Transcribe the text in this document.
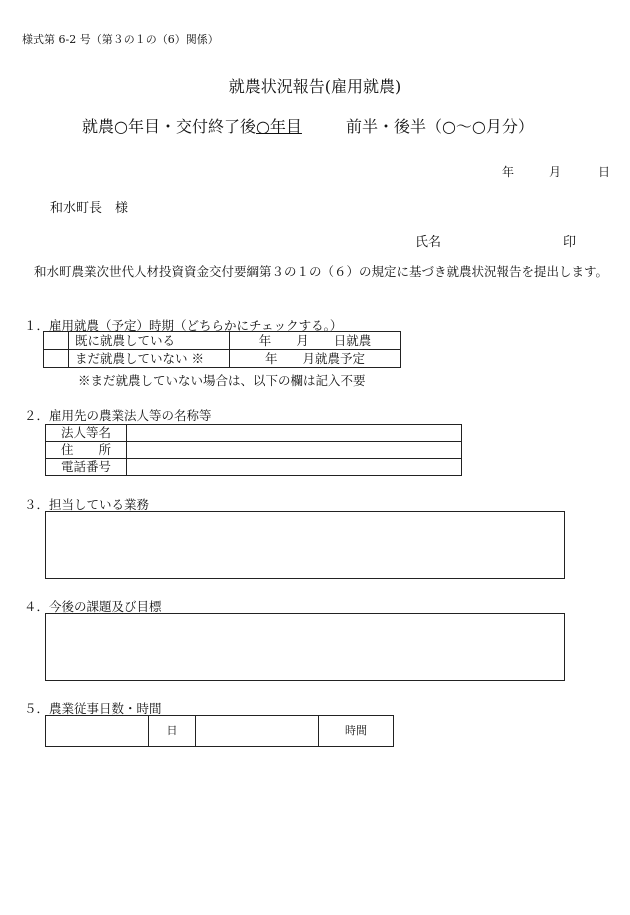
様式第 6-2 号（第３の１の（6）関係）
就農状況報告(雇用就農)
就農○年目・交付終了後○年目	前半・後半（○～○月分）
年	月	日
和水町長　様
氏名	印
和水町農業次世代人材投資資金交付要綱第３の１の（６）の規定に基づき就農状況報告を提出します。
１．雇用就農（予定）時期（どちらかにチェックする。）
	既に就農している	年　　月　　日就農
	まだ就農していない ※	年　　月就農予定
※まだ就農していない場合は、以下の欄は記入不要
２．雇用先の農業法人等の名称等
法人等名	
住　　所	
電話番号	
３．担当している業務
４．今後の課題及び目標
５．農業従事日数・時間
	日		時間
